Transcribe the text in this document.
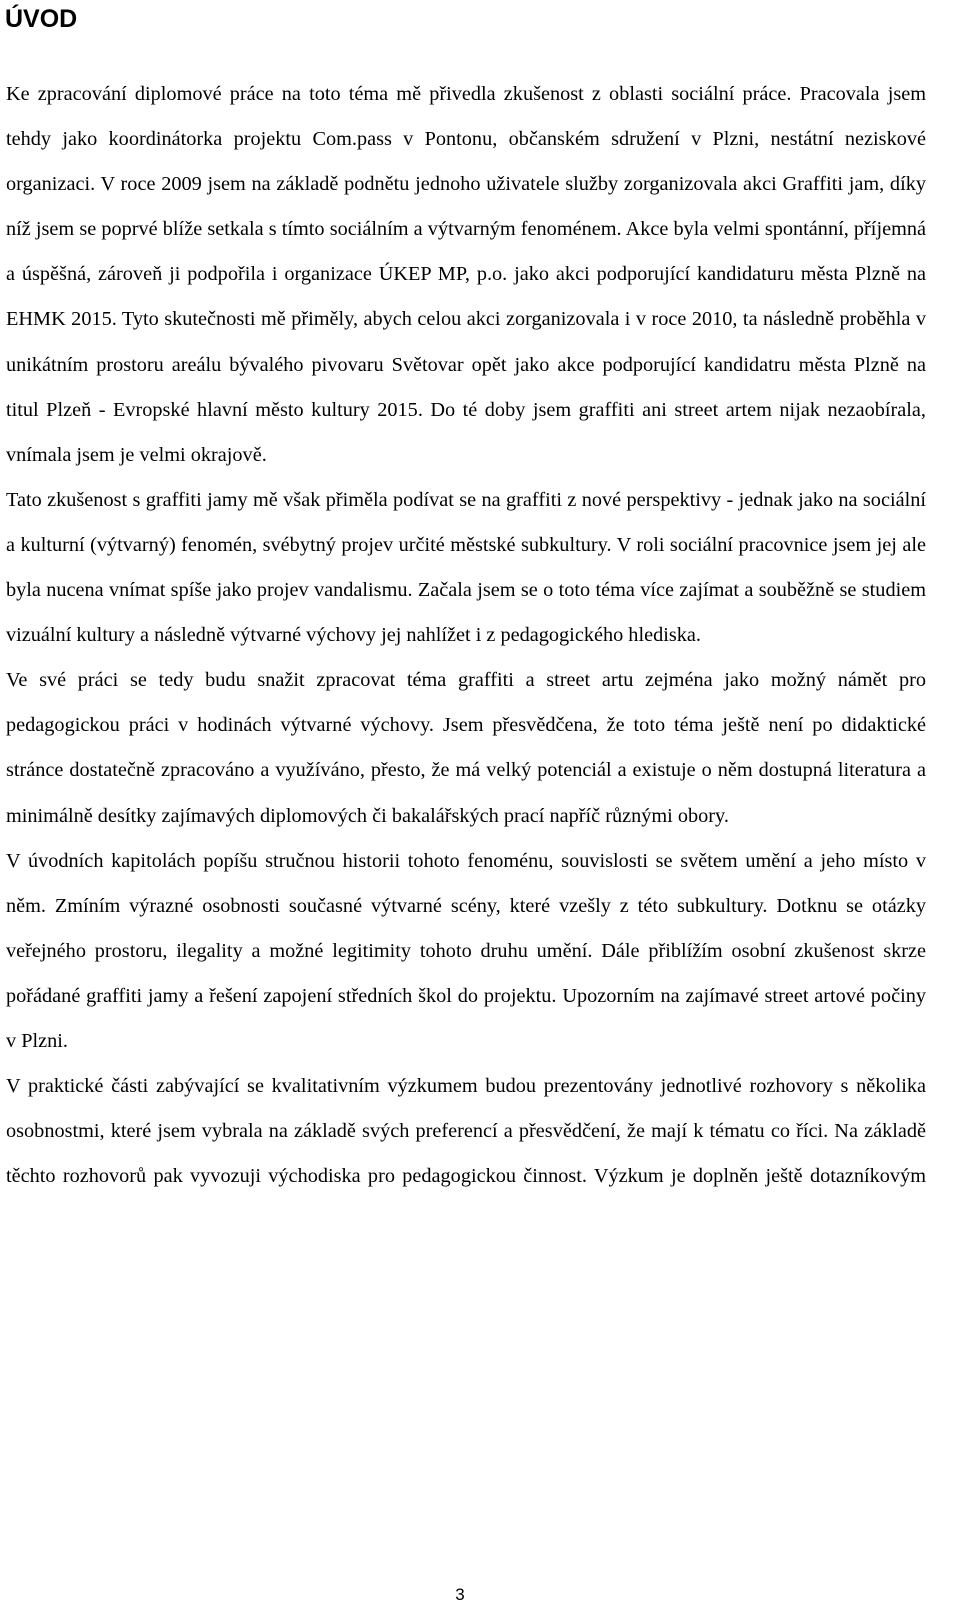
ÚVOD

Ke zpracování diplomové práce na toto téma mě přivedla zkušenost z oblasti sociální práce. Pracovala jsem tehdy jako koordinátorka projektu Com.pass v Pontonu, občanském sdružení v Plzni, nestátní neziskové organizaci. V roce 2009 jsem na základě podnětu jednoho uživatele služby zorganizovala akci Graffiti jam, díky níž jsem se poprvé blíže setkala s tímto sociálním a výtvarným fenoménem. Akce byla velmi spontánní, příjemná a úspěšná, zároveň ji podpořila i organizace ÚKEP MP, p.o. jako akci podporující kandidaturu města Plzně na EHMK 2015. Tyto skutečnosti mě přiměly, abych celou akci zorganizovala i v roce 2010, ta následně proběhla v unikátním prostoru areálu bývalého pivovaru Světovar opět jako akce podporující kandidatru města Plzně na titul Plzeň - Evropské hlavní město kultury 2015. Do té doby jsem graffiti ani street artem nijak nezaobírala, vnímala jsem je velmi okrajově.

Tato zkušenost s graffiti jamy mě však přiměla podívat se na graffiti z nové perspektivy - jednak jako na sociální a kulturní (výtvarný) fenomén, svébytný projev určité městské subkultury. V roli sociální pracovnice jsem jej ale byla nucena vnímat spíše jako projev vandalismu. Začala jsem se o toto téma více zajímat a souběžně se studiem vizuální kultury a následně výtvarné výchovy jej nahlížet i z pedagogického hlediska.

Ve své práci se tedy budu snažit zpracovat téma graffiti a street artu zejména jako možný námět pro pedagogickou práci v hodinách výtvarné výchovy. Jsem přesvědčena, že toto téma ještě není po didaktické stránce dostatečně zpracováno a využíváno, přesto, že má velký potenciál a existuje o něm dostupná literatura a minimálně desítky zajímavých diplomových či bakalářských prací napříč různými obory.

V úvodních kapitolách popíšu stručnou historii tohoto fenoménu, souvislosti se světem umění a jeho místo v něm. Zmíním výrazné osobnosti současné výtvarné scény, které vzešly z této subkultury. Dotknu se otázky veřejného prostoru, ilegality a možné legitimity tohoto druhu umění. Dále přiblížím osobní zkušenost skrze pořádané graffiti jamy a řešení zapojení středních škol do projektu. Upozorním na zajímavé street artové počiny v Plzni.

V praktické části zabývající se kvalitativním výzkumem budou prezentovány jednotlivé rozhovory s několika osobnostmi, které jsem vybrala na základě svých preferencí a přesvědčení, že mají k tématu co říci. Na základě těchto rozhovorů pak vyvozuji východiska pro pedagogickou činnost. Výzkum je doplněn ještě dotazníkovým

3
